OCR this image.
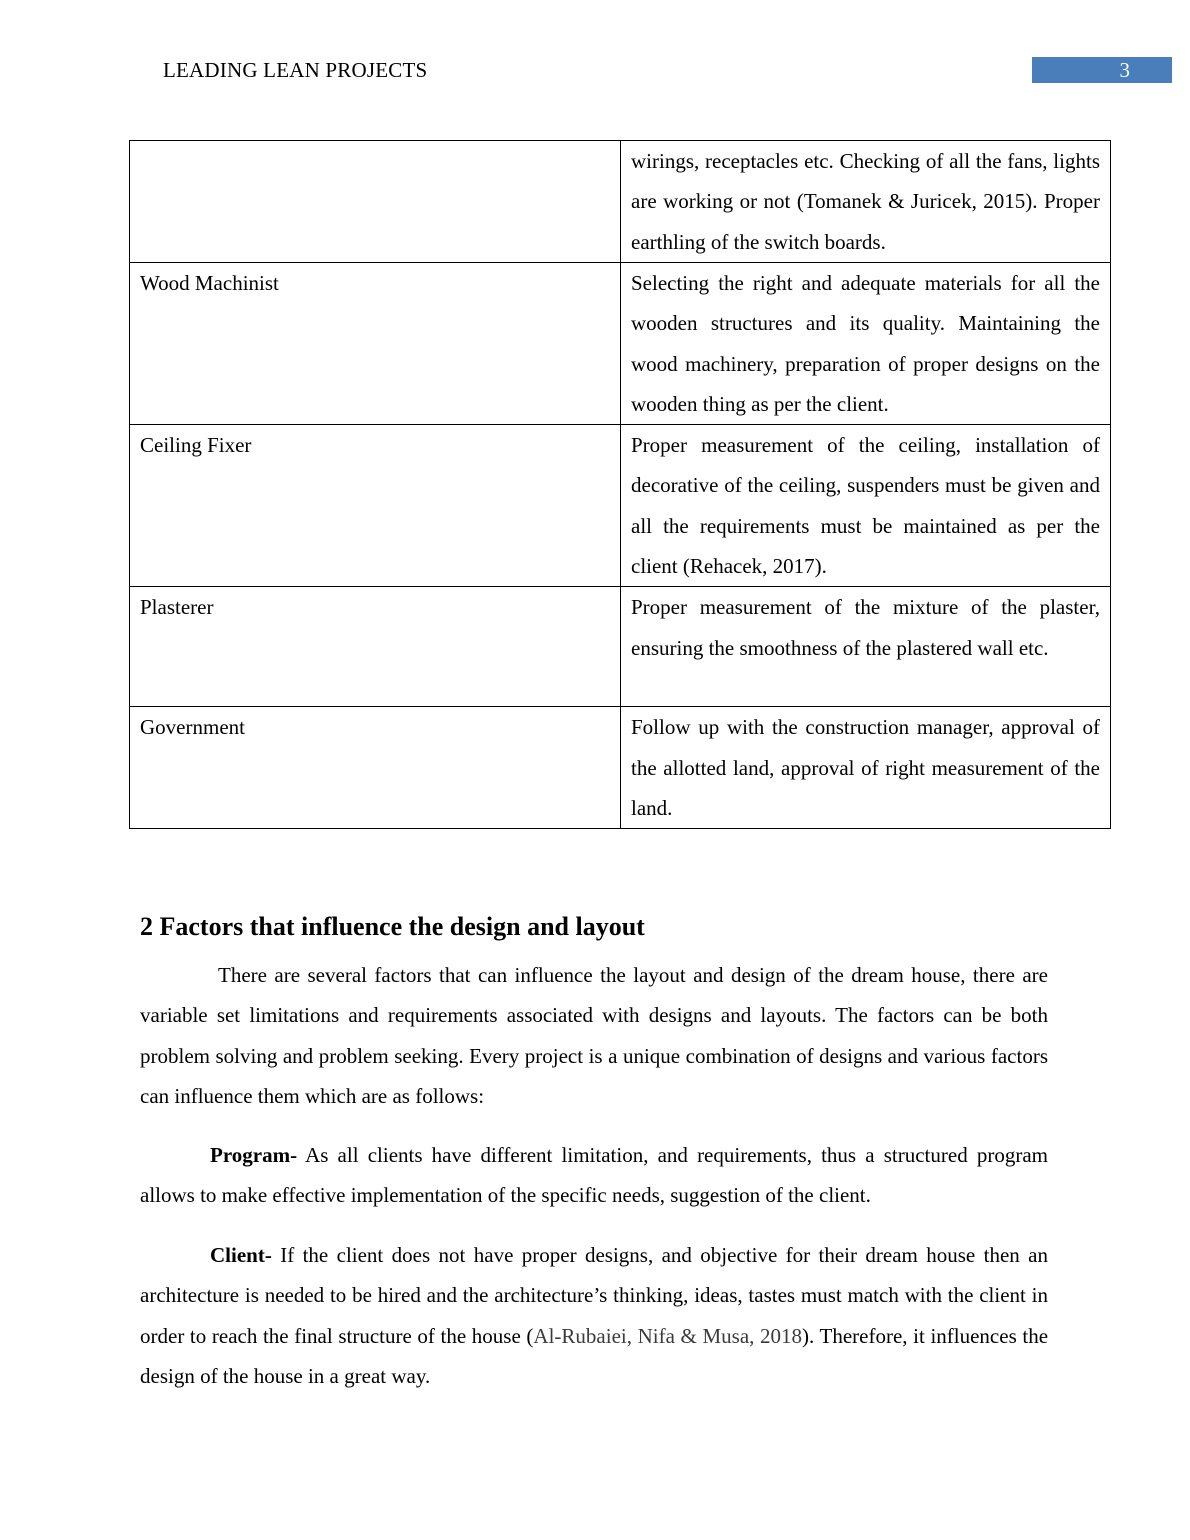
LEADING LEAN PROJECTS	3
	wirings, receptacles etc. Checking of all the fans, lights are working or not (Tomanek & Juricek, 2015). Proper earthling of the switch boards.
Wood Machinist	Selecting the right and adequate materials for all the wooden structures and its quality. Maintaining the wood machinery, preparation of proper designs on the wooden thing as per the client.
Ceiling Fixer	Proper measurement of the ceiling, installation of decorative of the ceiling, suspenders must be given and all the requirements must be maintained as per the client (Rehacek, 2017).
Plasterer	Proper measurement of the mixture of the plaster, ensuring the smoothness of the plastered wall etc.
Government	Follow up with the construction manager, approval of the allotted land, approval of right measurement of the land.
2 Factors that influence the design and layout

There are several factors that can influence the layout and design of the dream house, there are variable set limitations and requirements associated with designs and layouts. The factors can be both problem solving and problem seeking. Every project is a unique combination of designs and various factors can influence them which are as follows:

Program- As all clients have different limitation, and requirements, thus a structured program allows to make effective implementation of the specific needs, suggestion of the client.

Client- If the client does not have proper designs, and objective for their dream house then an architecture is needed to be hired and the architecture’s thinking, ideas, tastes must match with the client in order to reach the final structure of the house (Al-Rubaiei, Nifa & Musa, 2018). Therefore, it influences the design of the house in a great way.
